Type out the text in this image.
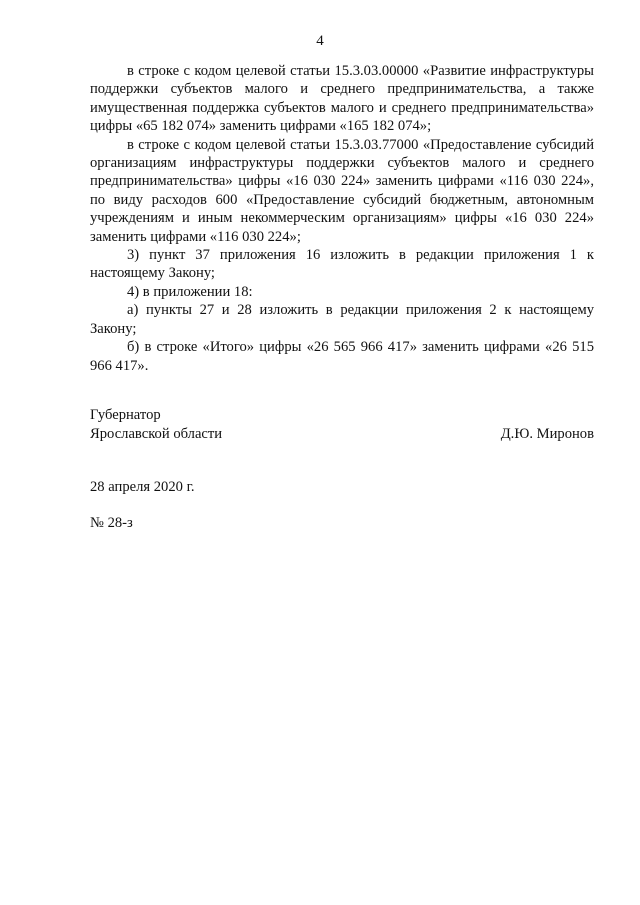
4

в строке с кодом целевой статьи 15.3.03.00000 «Развитие инфраструктуры поддержки субъектов малого и среднего предпринимательства, а также имущественная поддержка субъектов малого и среднего предпринимательства» цифры «65 182 074» заменить цифрами «165 182 074»;

в строке с кодом целевой статьи 15.3.03.77000 «Предоставление субсидий организациям инфраструктуры поддержки субъектов малого и среднего предпринимательства» цифры «16 030 224» заменить цифрами «116 030 224», по виду расходов 600 «Предоставление субсидий бюджетным, автономным учреждениям и иным некоммерческим организациям» цифры «16 030 224» заменить цифрами «116 030 224»;

3) пункт 37 приложения 16 изложить в редакции приложения 1 к настоящему Закону;

4) в приложении 18:

а) пункты 27 и 28 изложить в редакции приложения 2 к настоящему Закону;

б) в строке «Итого» цифры «26 565 966 417» заменить цифрами «26 515 966 417».

Губернатор
Ярославской области	Д.Ю. Миронов
28 апреля 2020 г.
№ 28-з
